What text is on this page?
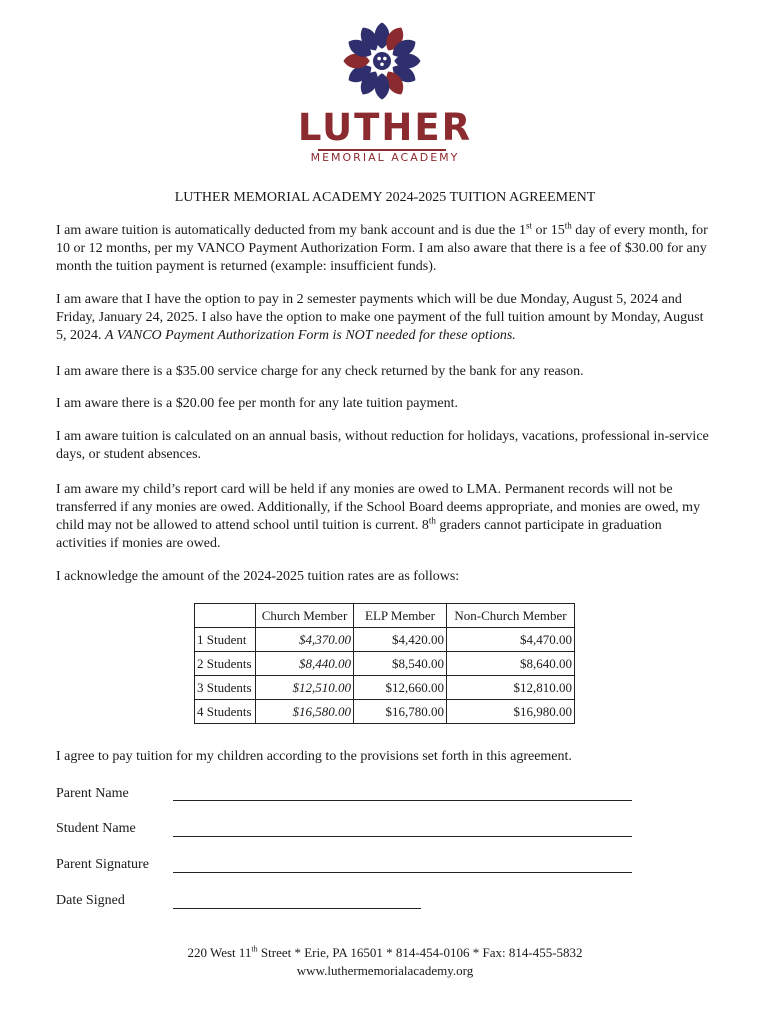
LUTHER
MEMORIAL ACADEMY
LUTHER MEMORIAL ACADEMY 2024-2025 TUITION AGREEMENT

I am aware tuition is automatically deducted from my bank account and is due the 1st or 15th day of every month, for 10 or 12 months, per my VANCO Payment Authorization Form. I am also aware that there is a fee of $30.00 for any month the tuition payment is returned (example: insufficient funds).

I am aware that I have the option to pay in 2 semester payments which will be due Monday, August 5, 2024 and Friday, January 24, 2025. I also have the option to make one payment of the full tuition amount by Monday, August 5, 2024. A VANCO Payment Authorization Form is NOT needed for these options.

I am aware there is a $35.00 service charge for any check returned by the bank for any reason.

I am aware there is a $20.00 fee per month for any late tuition payment.

I am aware tuition is calculated on an annual basis, without reduction for holidays, vacations, professional in-service days, or student absences.

I am aware my child’s report card will be held if any monies are owed to LMA. Permanent records will not be transferred if any monies are owed. Additionally, if the School Board deems appropriate, and monies are owed, my child may not be allowed to attend school until tuition is current. 8th graders cannot participate in graduation activities if monies are owed.

I acknowledge the amount of the 2024-2025 tuition rates are as follows:

	Church Member	ELP Member	Non-Church Member
1 Student	$4,370.00	$4,420.00	$4,470.00
2 Students	$8,440.00	$8,540.00	$8,640.00
3 Students	$12,510.00	$12,660.00	$12,810.00
4 Students	$16,580.00	$16,780.00	$16,980.00

I agree to pay tuition for my children according to the provisions set forth in this agreement.

Parent Name
Student Name
Parent Signature
Date Signed
220 West 11th Street * Erie, PA 16501 * 814-454-0106 * Fax: 814-455-5832
www.luthermemorialacademy.org
